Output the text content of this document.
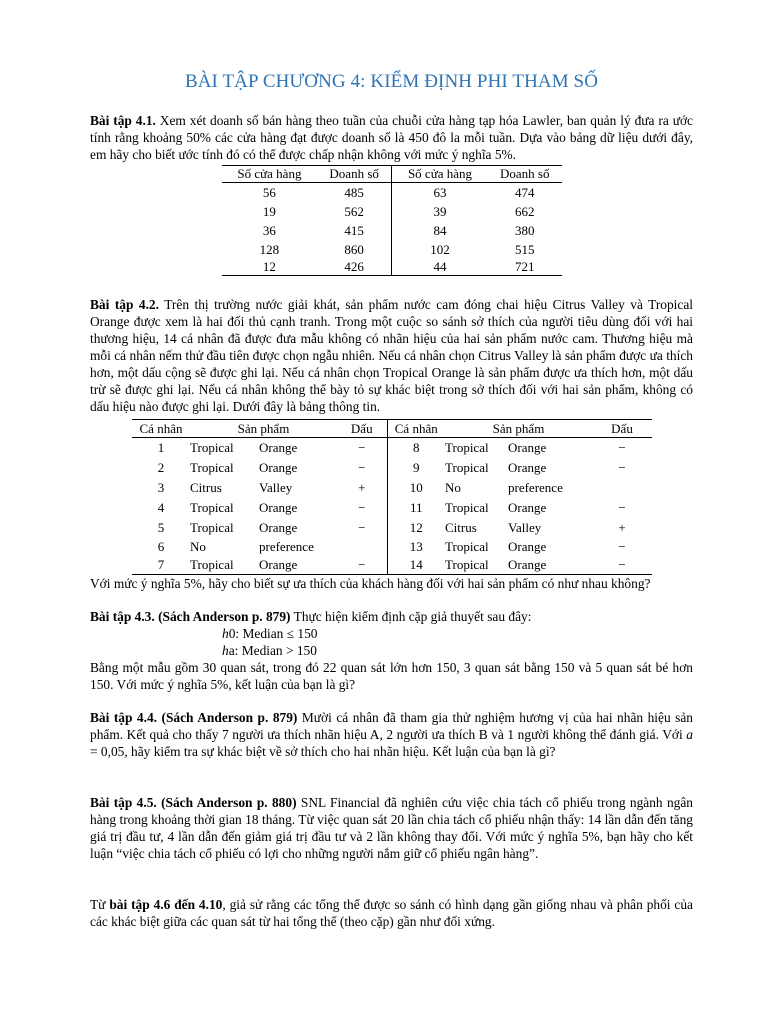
BÀI TẬP CHƯƠNG 4: KIỂM ĐỊNH PHI THAM SỐ

Bài tập 4.1. Xem xét doanh số bán hàng theo tuần của chuỗi cửa hàng tạp hóa Lawler, ban quản lý đưa ra ước tính rằng khoảng 50% các cửa hàng đạt được doanh số là 450 đô la mỗi tuần. Dựa vào bảng dữ liệu dưới đây, em hãy cho biết ước tính đó có thể được chấp nhận không với mức ý nghĩa 5%.

Số cửa hàng	Doanh số	Số cửa hàng	Doanh số
56	485	63	474
19	562	39	662
36	415	84	380
128	860	102	515
12	426	44	721

Bài tập 4.2. Trên thị trường nước giải khát, sản phẩm nước cam đóng chai hiệu Citrus Valley và Tropical Orange được xem là hai đối thủ cạnh tranh. Trong một cuộc so sánh sở thích của người tiêu dùng đối với hai thương hiệu, 14 cá nhân đã được đưa mẫu không có nhãn hiệu của hai sản phẩm nước cam. Thương hiệu mà mỗi cá nhân nếm thử đầu tiên được chọn ngẫu nhiên. Nếu cá nhân chọn Citrus Valley là sản phẩm được ưa thích hơn, một dấu cộng sẽ được ghi lại. Nếu cá nhân chọn Tropical Orange là sản phẩm được ưa thích hơn, một dấu trừ sẽ được ghi lại. Nếu cá nhân không thể bày tỏ sự khác biệt trong sở thích đối với hai sản phẩm, không có dấu hiệu nào được ghi lại. Dưới đây là bảng thông tin.

Cá nhân	Sản phẩm		Dấu	Cá nhân	Sản phẩm		Dấu
1	Tropical	Orange	−	8	Tropical	Orange	−
2	Tropical	Orange	−	9	Tropical	Orange	−
3	Citrus	Valley	+	10	No	preference	
4	Tropical	Orange	−	11	Tropical	Orange	−
5	Tropical	Orange	−	12	Citrus	Valley	+
6	No	preference		13	Tropical	Orange	−
7	Tropical	Orange	−	14	Tropical	Orange	−

Với mức ý nghĩa 5%, hãy cho biết sự ưa thích của khách hàng đối với hai sản phẩm có như nhau không?

Bài tập 4.3. (Sách Anderson p. 879) Thực hiện kiểm định cặp giả thuyết sau đây:

h0: Median ≤ 150
ha: Median > 150

Bằng một mẫu gồm 30 quan sát, trong đó 22 quan sát lớn hơn 150, 3 quan sát bằng 150 và 5 quan sát bé hơn 150. Với mức ý nghĩa 5%, kết luận của bạn là gì?

Bài tập 4.4. (Sách Anderson p. 879) Mười cá nhân đã tham gia thử nghiệm hương vị của hai nhãn hiệu sản phẩm. Kết quả cho thấy 7 người ưa thích nhãn hiệu A, 2 người ưa thích B và 1 người không thể đánh giá. Với a = 0,05, hãy kiểm tra sự khác biệt về sở thích cho hai nhãn hiệu. Kết luận của bạn là gì?

Bài tập 4.5. (Sách Anderson p. 880) SNL Financial đã nghiên cứu việc chia tách cổ phiếu trong ngành ngân hàng trong khoảng thời gian 18 tháng. Từ việc quan sát 20 lần chia tách cổ phiếu nhận thấy: 14 lần dẫn đến tăng giá trị đầu tư, 4 lần dẫn đến giảm giá trị đầu tư và 2 lần không thay đổi. Với mức ý nghĩa 5%, bạn hãy cho kết luận “việc chia tách cổ phiếu có lợi cho những người nắm giữ cổ phiếu ngân hàng”.

Từ bài tập 4.6 đến 4.10, giả sử rằng các tổng thể được so sánh có hình dạng gần giống nhau và phân phối của các khác biệt giữa các quan sát từ hai tổng thể (theo cặp) gần như đối xứng.
